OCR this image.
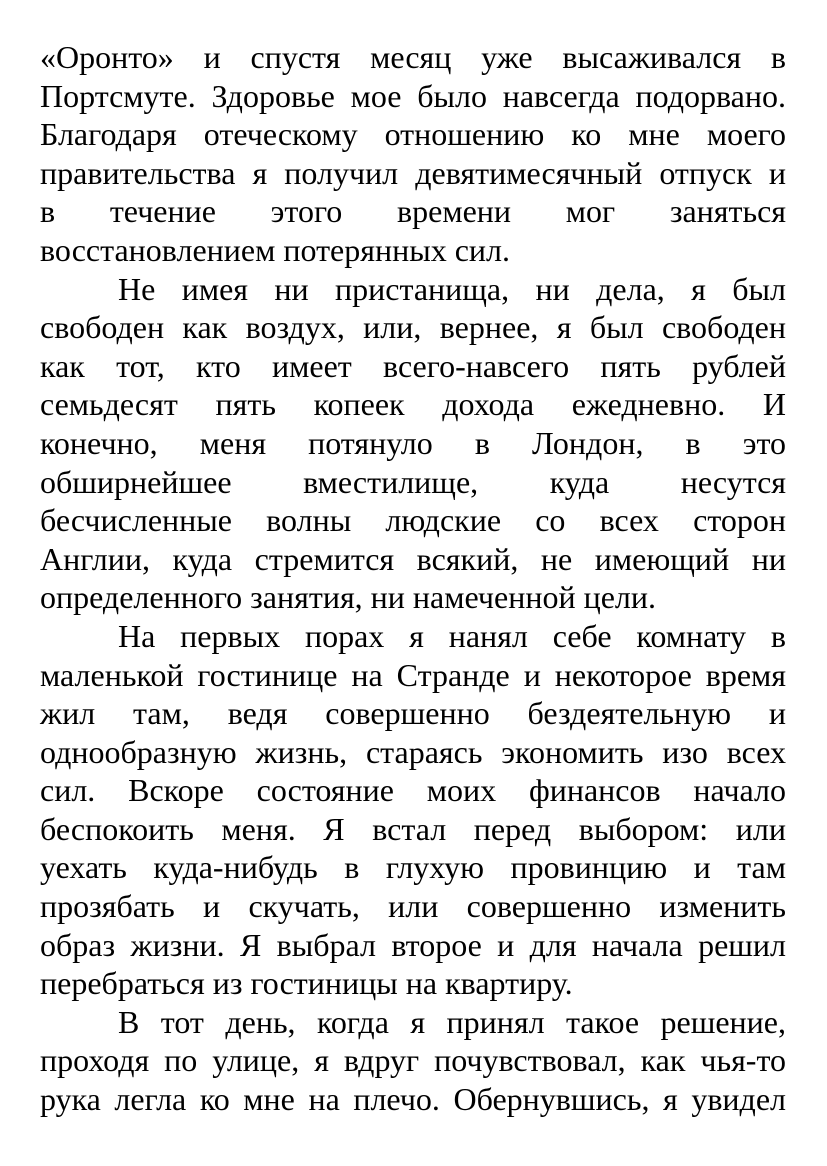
«Оронто» и спустя месяц уже высаживался в
Портсмуте. Здоровье мое было навсегда подорвано.
Благодаря отеческому отношению ко мне моего
правительства я получил девятимесячный отпуск и
в течение этого времени мог заняться
восстановлением потерянных сил.
Не имея ни пристанища, ни дела, я был
свободен как воздух, или, вернее, я был свободен
как тот, кто имеет всего-навсего пять рублей
семьдесят пять копеек дохода ежедневно. И
конечно, меня потянуло в Лондон, в это
обширнейшее вместилище, куда несутся
бесчисленные волны людские со всех сторон
Англии, куда стремится всякий, не имеющий ни
определенного занятия, ни намеченной цели.
На первых порах я нанял себе комнату в
маленькой гостинице на Странде и некоторое время
жил там, ведя совершенно бездеятельную и
однообразную жизнь, стараясь экономить изо всех
сил. Вскоре состояние моих финансов начало
беспокоить меня. Я встал перед выбором: или
уехать куда-нибудь в глухую провинцию и там
прозябать и скучать, или совершенно изменить
образ жизни. Я выбрал второе и для начала решил
перебраться из гостиницы на квартиру.
В тот день, когда я принял такое решение,
проходя по улице, я вдруг почувствовал, как чья-то
рука легла ко мне на плечо. Обернувшись, я увидел
